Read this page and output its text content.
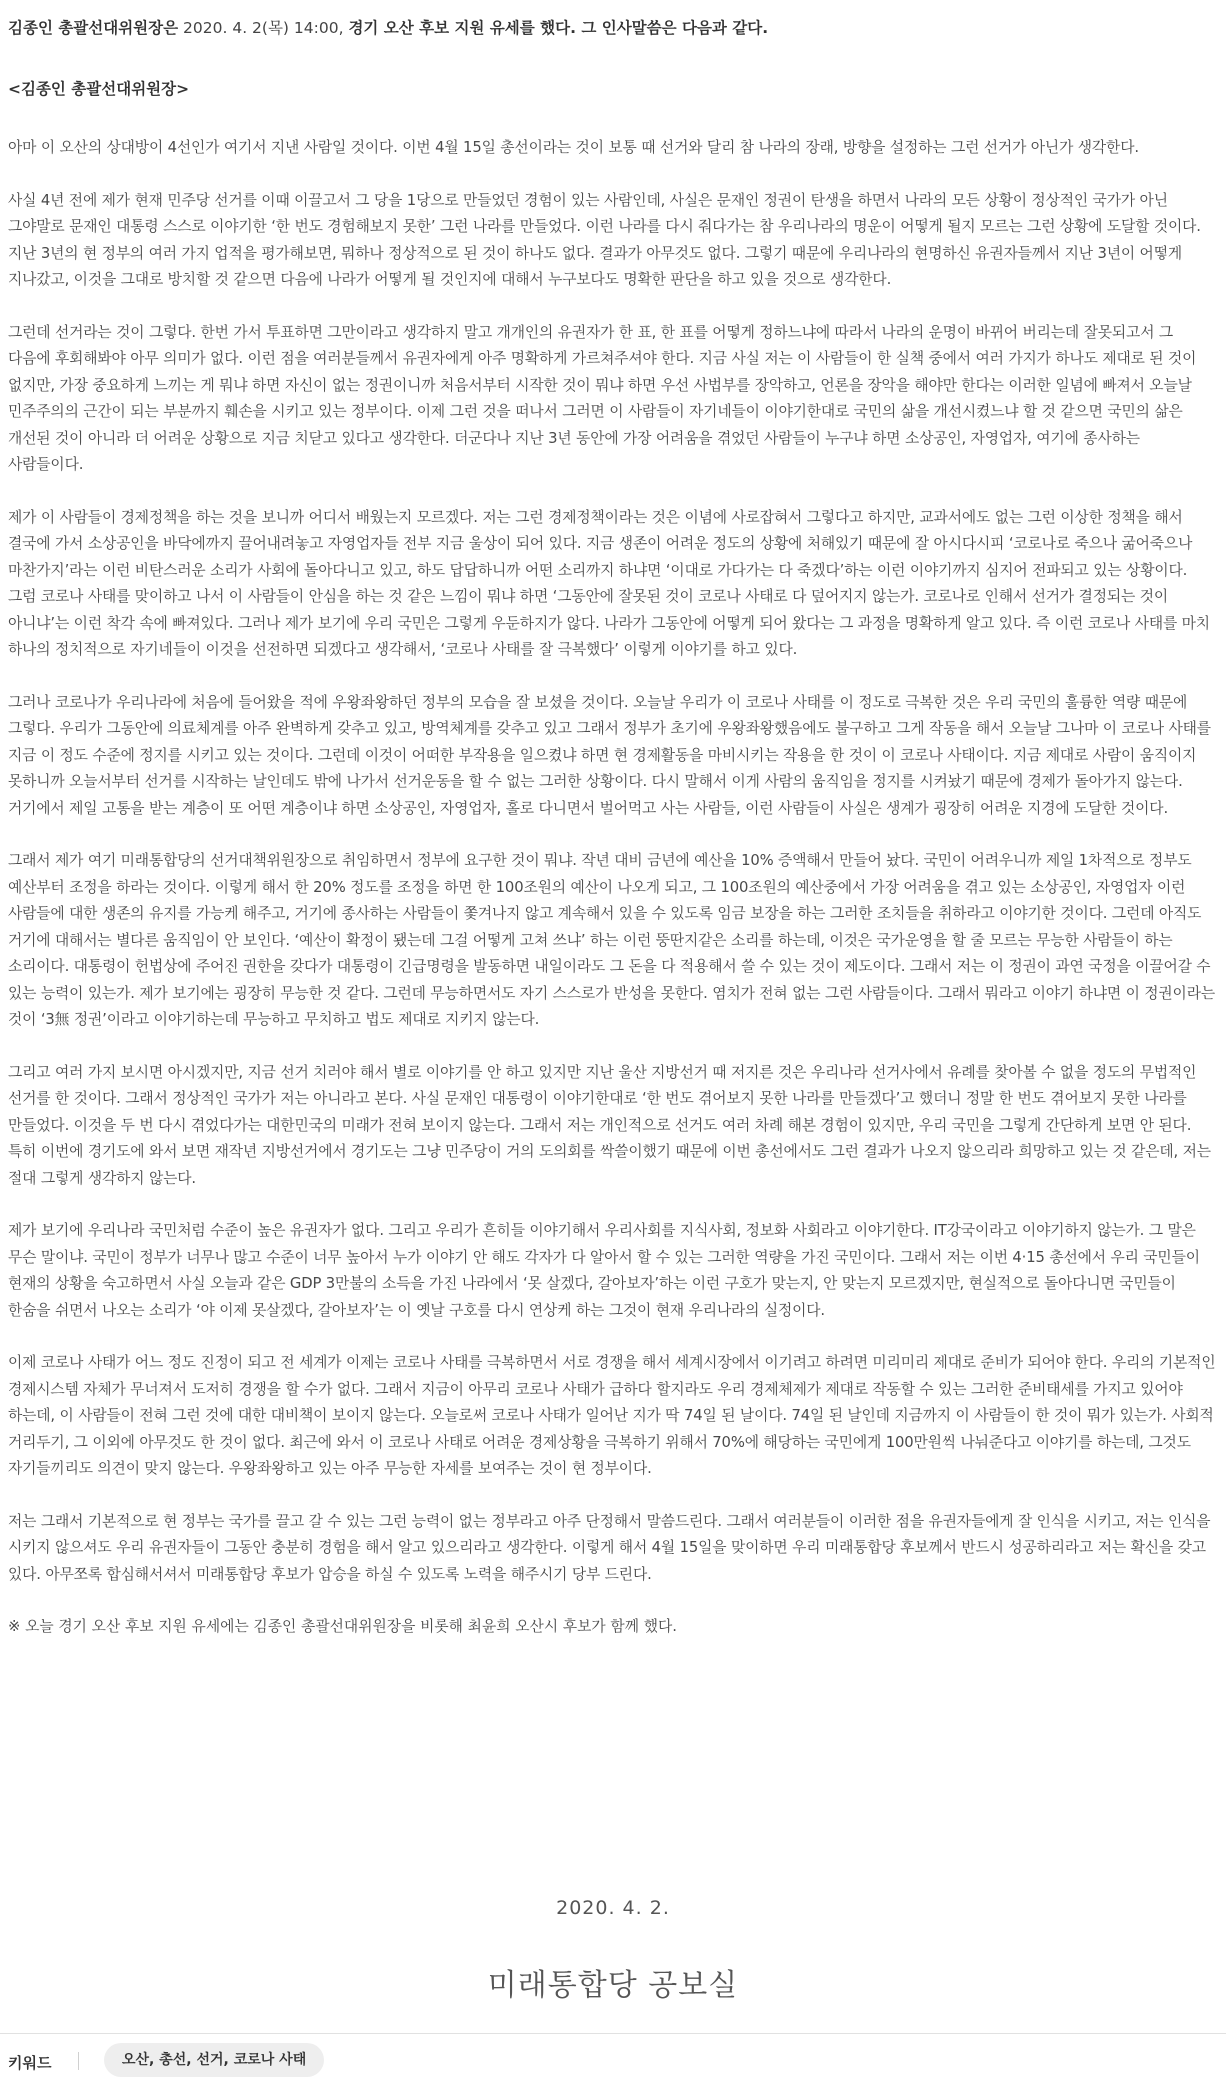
김종인 총괄선대위원장은 2020. 4. 2(목) 14:00, 경기 오산 후보 지원 유세를 했다. 그 인사말씀은 다음과 같다.

<김종인 총괄선대위원장>

아마 이 오산의 상대방이 4선인가 여기서 지낸 사람일 것이다. 이번 4월 15일 총선이라는 것이 보통 때 선거와 달리 참 나라의 장래, 방향을 설정하는 그런 선거가 아닌가 생각한다.

사실 4년 전에 제가 현재 민주당 선거를 이때 이끌고서 그 당을 1당으로 만들었던 경험이 있는 사람인데, 사실은 문재인 정권이 탄생을 하면서 나라의 모든 상황이 정상적인 국가가 아닌 그야말로 문재인 대통령 스스로 이야기한 ‘한 번도 경험해보지 못한’ 그런 나라를 만들었다. 이런 나라를 다시 줘다가는 참 우리나라의 명운이 어떻게 될지 모르는 그런 상황에 도달할 것이다. 지난 3년의 현 정부의 여러 가지 업적을 평가해보면, 뭐하나 정상적으로 된 것이 하나도 없다. 결과가 아무것도 없다. 그렇기 때문에 우리나라의 현명하신 유권자들께서 지난 3년이 어떻게 지나갔고, 이것을 그대로 방치할 것 같으면 다음에 나라가 어떻게 될 것인지에 대해서 누구보다도 명확한 판단을 하고 있을 것으로 생각한다.

그런데 선거라는 것이 그렇다. 한번 가서 투표하면 그만이라고 생각하지 말고 개개인의 유권자가 한 표, 한 표를 어떻게 정하느냐에 따라서 나라의 운명이 바뀌어 버리는데 잘못되고서 그 다음에 후회해봐야 아무 의미가 없다. 이런 점을 여러분들께서 유권자에게 아주 명확하게 가르쳐주셔야 한다. 지금 사실 저는 이 사람들이 한 실책 중에서 여러 가지가 하나도 제대로 된 것이 없지만, 가장 중요하게 느끼는 게 뭐냐 하면 자신이 없는 정권이니까 처음서부터 시작한 것이 뭐냐 하면 우선 사법부를 장악하고, 언론을 장악을 해야만 한다는 이러한 일념에 빠져서 오늘날 민주주의의 근간이 되는 부분까지 훼손을 시키고 있는 정부이다. 이제 그런 것을 떠나서 그러면 이 사람들이 자기네들이 이야기한대로 국민의 삶을 개선시켰느냐 할 것 같으면 국민의 삶은 개선된 것이 아니라 더 어려운 상황으로 지금 치닫고 있다고 생각한다. 더군다나 지난 3년 동안에 가장 어려움을 겪었던 사람들이 누구냐 하면 소상공인, 자영업자, 여기에 종사하는 사람들이다.

제가 이 사람들이 경제정책을 하는 것을 보니까 어디서 배웠는지 모르겠다. 저는 그런 경제정책이라는 것은 이념에 사로잡혀서 그렇다고 하지만, 교과서에도 없는 그런 이상한 정책을 해서 결국에 가서 소상공인을 바닥에까지 끌어내려놓고 자영업자들 전부 지금 울상이 되어 있다. 지금 생존이 어려운 정도의 상황에 처해있기 때문에 잘 아시다시피 ‘코로나로 죽으나 굶어죽으나 마찬가지’라는 이런 비탄스러운 소리가 사회에 돌아다니고 있고, 하도 답답하니까 어떤 소리까지 하냐면 ‘이대로 가다가는 다 죽겠다’하는 이런 이야기까지 심지어 전파되고 있는 상황이다. 그럼 코로나 사태를 맞이하고 나서 이 사람들이 안심을 하는 것 같은 느낌이 뭐냐 하면 ‘그동안에 잘못된 것이 코로나 사태로 다 덮어지지 않는가. 코로나로 인해서 선거가 결정되는 것이 아니냐’는 이런 착각 속에 빠져있다. 그러나 제가 보기에 우리 국민은 그렇게 우둔하지가 않다. 나라가 그동안에 어떻게 되어 왔다는 그 과정을 명확하게 알고 있다. 즉 이런 코로나 사태를 마치 하나의 정치적으로 자기네들이 이것을 선전하면 되겠다고 생각해서, ‘코로나 사태를 잘 극복했다’ 이렇게 이야기를 하고 있다.

그러나 코로나가 우리나라에 처음에 들어왔을 적에 우왕좌왕하던 정부의 모습을 잘 보셨을 것이다. 오늘날 우리가 이 코로나 사태를 이 정도로 극복한 것은 우리 국민의 훌륭한 역량 때문에 그렇다. 우리가 그동안에 의료체계를 아주 완벽하게 갖추고 있고, 방역체계를 갖추고 있고 그래서 정부가 초기에 우왕좌왕했음에도 불구하고 그게 작동을 해서 오늘날 그나마 이 코로나 사태를 지금 이 정도 수준에 정지를 시키고 있는 것이다. 그런데 이것이 어떠한 부작용을 일으켰냐 하면 현 경제활동을 마비시키는 작용을 한 것이 이 코로나 사태이다. 지금 제대로 사람이 움직이지 못하니까 오늘서부터 선거를 시작하는 날인데도 밖에 나가서 선거운동을 할 수 없는 그러한 상황이다. 다시 말해서 이게 사람의 움직임을 정지를 시켜놨기 때문에 경제가 돌아가지 않는다. 거기에서 제일 고통을 받는 계층이 또 어떤 계층이냐 하면 소상공인, 자영업자, 홀로 다니면서 벌어먹고 사는 사람들, 이런 사람들이 사실은 생계가 굉장히 어려운 지경에 도달한 것이다.

그래서 제가 여기 미래통합당의 선거대책위원장으로 취임하면서 정부에 요구한 것이 뭐냐. 작년 대비 금년에 예산을 10% 증액해서 만들어 놨다. 국민이 어려우니까 제일 1차적으로 정부도 예산부터 조정을 하라는 것이다. 이렇게 해서 한 20% 정도를 조정을 하면 한 100조원의 예산이 나오게 되고, 그 100조원의 예산중에서 가장 어려움을 겪고 있는 소상공인, 자영업자 이런 사람들에 대한 생존의 유지를 가능케 해주고, 거기에 종사하는 사람들이 쫓겨나지 않고 계속해서 있을 수 있도록 임금 보장을 하는 그러한 조치들을 취하라고 이야기한 것이다. 그런데 아직도 거기에 대해서는 별다른 움직임이 안 보인다. ‘예산이 확정이 됐는데 그걸 어떻게 고쳐 쓰냐’ 하는 이런 뚱딴지같은 소리를 하는데, 이것은 국가운영을 할 줄 모르는 무능한 사람들이 하는 소리이다. 대통령이 헌법상에 주어진 권한을 갖다가 대통령이 긴급명령을 발동하면 내일이라도 그 돈을 다 적용해서 쓸 수 있는 것이 제도이다. 그래서 저는 이 정권이 과연 국정을 이끌어갈 수 있는 능력이 있는가. 제가 보기에는 굉장히 무능한 것 같다. 그런데 무능하면서도 자기 스스로가 반성을 못한다. 염치가 전혀 없는 그런 사람들이다. 그래서 뭐라고 이야기 하냐면 이 정권이라는 것이 ‘3無 정권’이라고 이야기하는데 무능하고 무치하고 법도 제대로 지키지 않는다.

그리고 여러 가지 보시면 아시겠지만, 지금 선거 치러야 해서 별로 이야기를 안 하고 있지만 지난 울산 지방선거 때 저지른 것은 우리나라 선거사에서 유례를 찾아볼 수 없을 정도의 무법적인 선거를 한 것이다. 그래서 정상적인 국가가 저는 아니라고 본다. 사실 문재인 대통령이 이야기한대로 ‘한 번도 겪어보지 못한 나라를 만들겠다’고 했더니 정말 한 번도 겪어보지 못한 나라를 만들었다. 이것을 두 번 다시 겪었다가는 대한민국의 미래가 전혀 보이지 않는다. 그래서 저는 개인적으로 선거도 여러 차례 해본 경험이 있지만, 우리 국민을 그렇게 간단하게 보면 안 된다. 특히 이번에 경기도에 와서 보면 재작년 지방선거에서 경기도는 그냥 민주당이 거의 도의회를 싹쓸이했기 때문에 이번 총선에서도 그런 결과가 나오지 않으리라 희망하고 있는 것 같은데, 저는 절대 그렇게 생각하지 않는다.

제가 보기에 우리나라 국민처럼 수준이 높은 유권자가 없다. 그리고 우리가 흔히들 이야기해서 우리사회를 지식사회, 정보화 사회라고 이야기한다. IT강국이라고 이야기하지 않는가. 그 말은 무슨 말이냐. 국민이 정부가 너무나 많고 수준이 너무 높아서 누가 이야기 안 해도 각자가 다 알아서 할 수 있는 그러한 역량을 가진 국민이다. 그래서 저는 이번 4·15 총선에서 우리 국민들이 현재의 상황을 숙고하면서 사실 오늘과 같은 GDP 3만불의 소득을 가진 나라에서 ‘못 살겠다, 갈아보자’하는 이런 구호가 맞는지, 안 맞는지 모르겠지만, 현실적으로 돌아다니면 국민들이 한숨을 쉬면서 나오는 소리가 ‘야 이제 못살겠다, 갈아보자’는 이 옛날 구호를 다시 연상케 하는 그것이 현재 우리나라의 실정이다.

이제 코로나 사태가 어느 정도 진정이 되고 전 세계가 이제는 코로나 사태를 극복하면서 서로 경쟁을 해서 세계시장에서 이기려고 하려면 미리미리 제대로 준비가 되어야 한다. 우리의 기본적인 경제시스템 자체가 무너져서 도저히 경쟁을 할 수가 없다. 그래서 지금이 아무리 코로나 사태가 급하다 할지라도 우리 경제체제가 제대로 작동할 수 있는 그러한 준비태세를 가지고 있어야 하는데, 이 사람들이 전혀 그런 것에 대한 대비책이 보이지 않는다. 오늘로써 코로나 사태가 일어난 지가 딱 74일 된 날이다. 74일 된 날인데 지금까지 이 사람들이 한 것이 뭐가 있는가. 사회적 거리두기, 그 이외에 아무것도 한 것이 없다. 최근에 와서 이 코로나 사태로 어려운 경제상황을 극복하기 위해서 70%에 해당하는 국민에게 100만원씩 나눠준다고 이야기를 하는데, 그것도 자기들끼리도 의견이 맞지 않는다. 우왕좌왕하고 있는 아주 무능한 자세를 보여주는 것이 현 정부이다.

저는 그래서 기본적으로 현 정부는 국가를 끌고 갈 수 있는 그런 능력이 없는 정부라고 아주 단정해서 말씀드린다. 그래서 여러분들이 이러한 점을 유권자들에게 잘 인식을 시키고, 저는 인식을 시키지 않으셔도 우리 유권자들이 그동안 충분히 경험을 해서 알고 있으리라고 생각한다. 이렇게 해서 4월 15일을 맞이하면 우리 미래통합당 후보께서 반드시 성공하리라고 저는 확신을 갖고 있다. 아무쪼록 합심해서셔서 미래통합당 후보가 압승을 하실 수 있도록 노력을 해주시기 당부 드린다.

※ 오늘 경기 오산 후보 지원 유세에는 김종인 총괄선대위원장을 비롯해 최윤희 오산시 후보가 함께 했다.

2020. 4. 2.
미래통합당 공보실
키워드	오산, 총선, 선거, 코로나 사태
